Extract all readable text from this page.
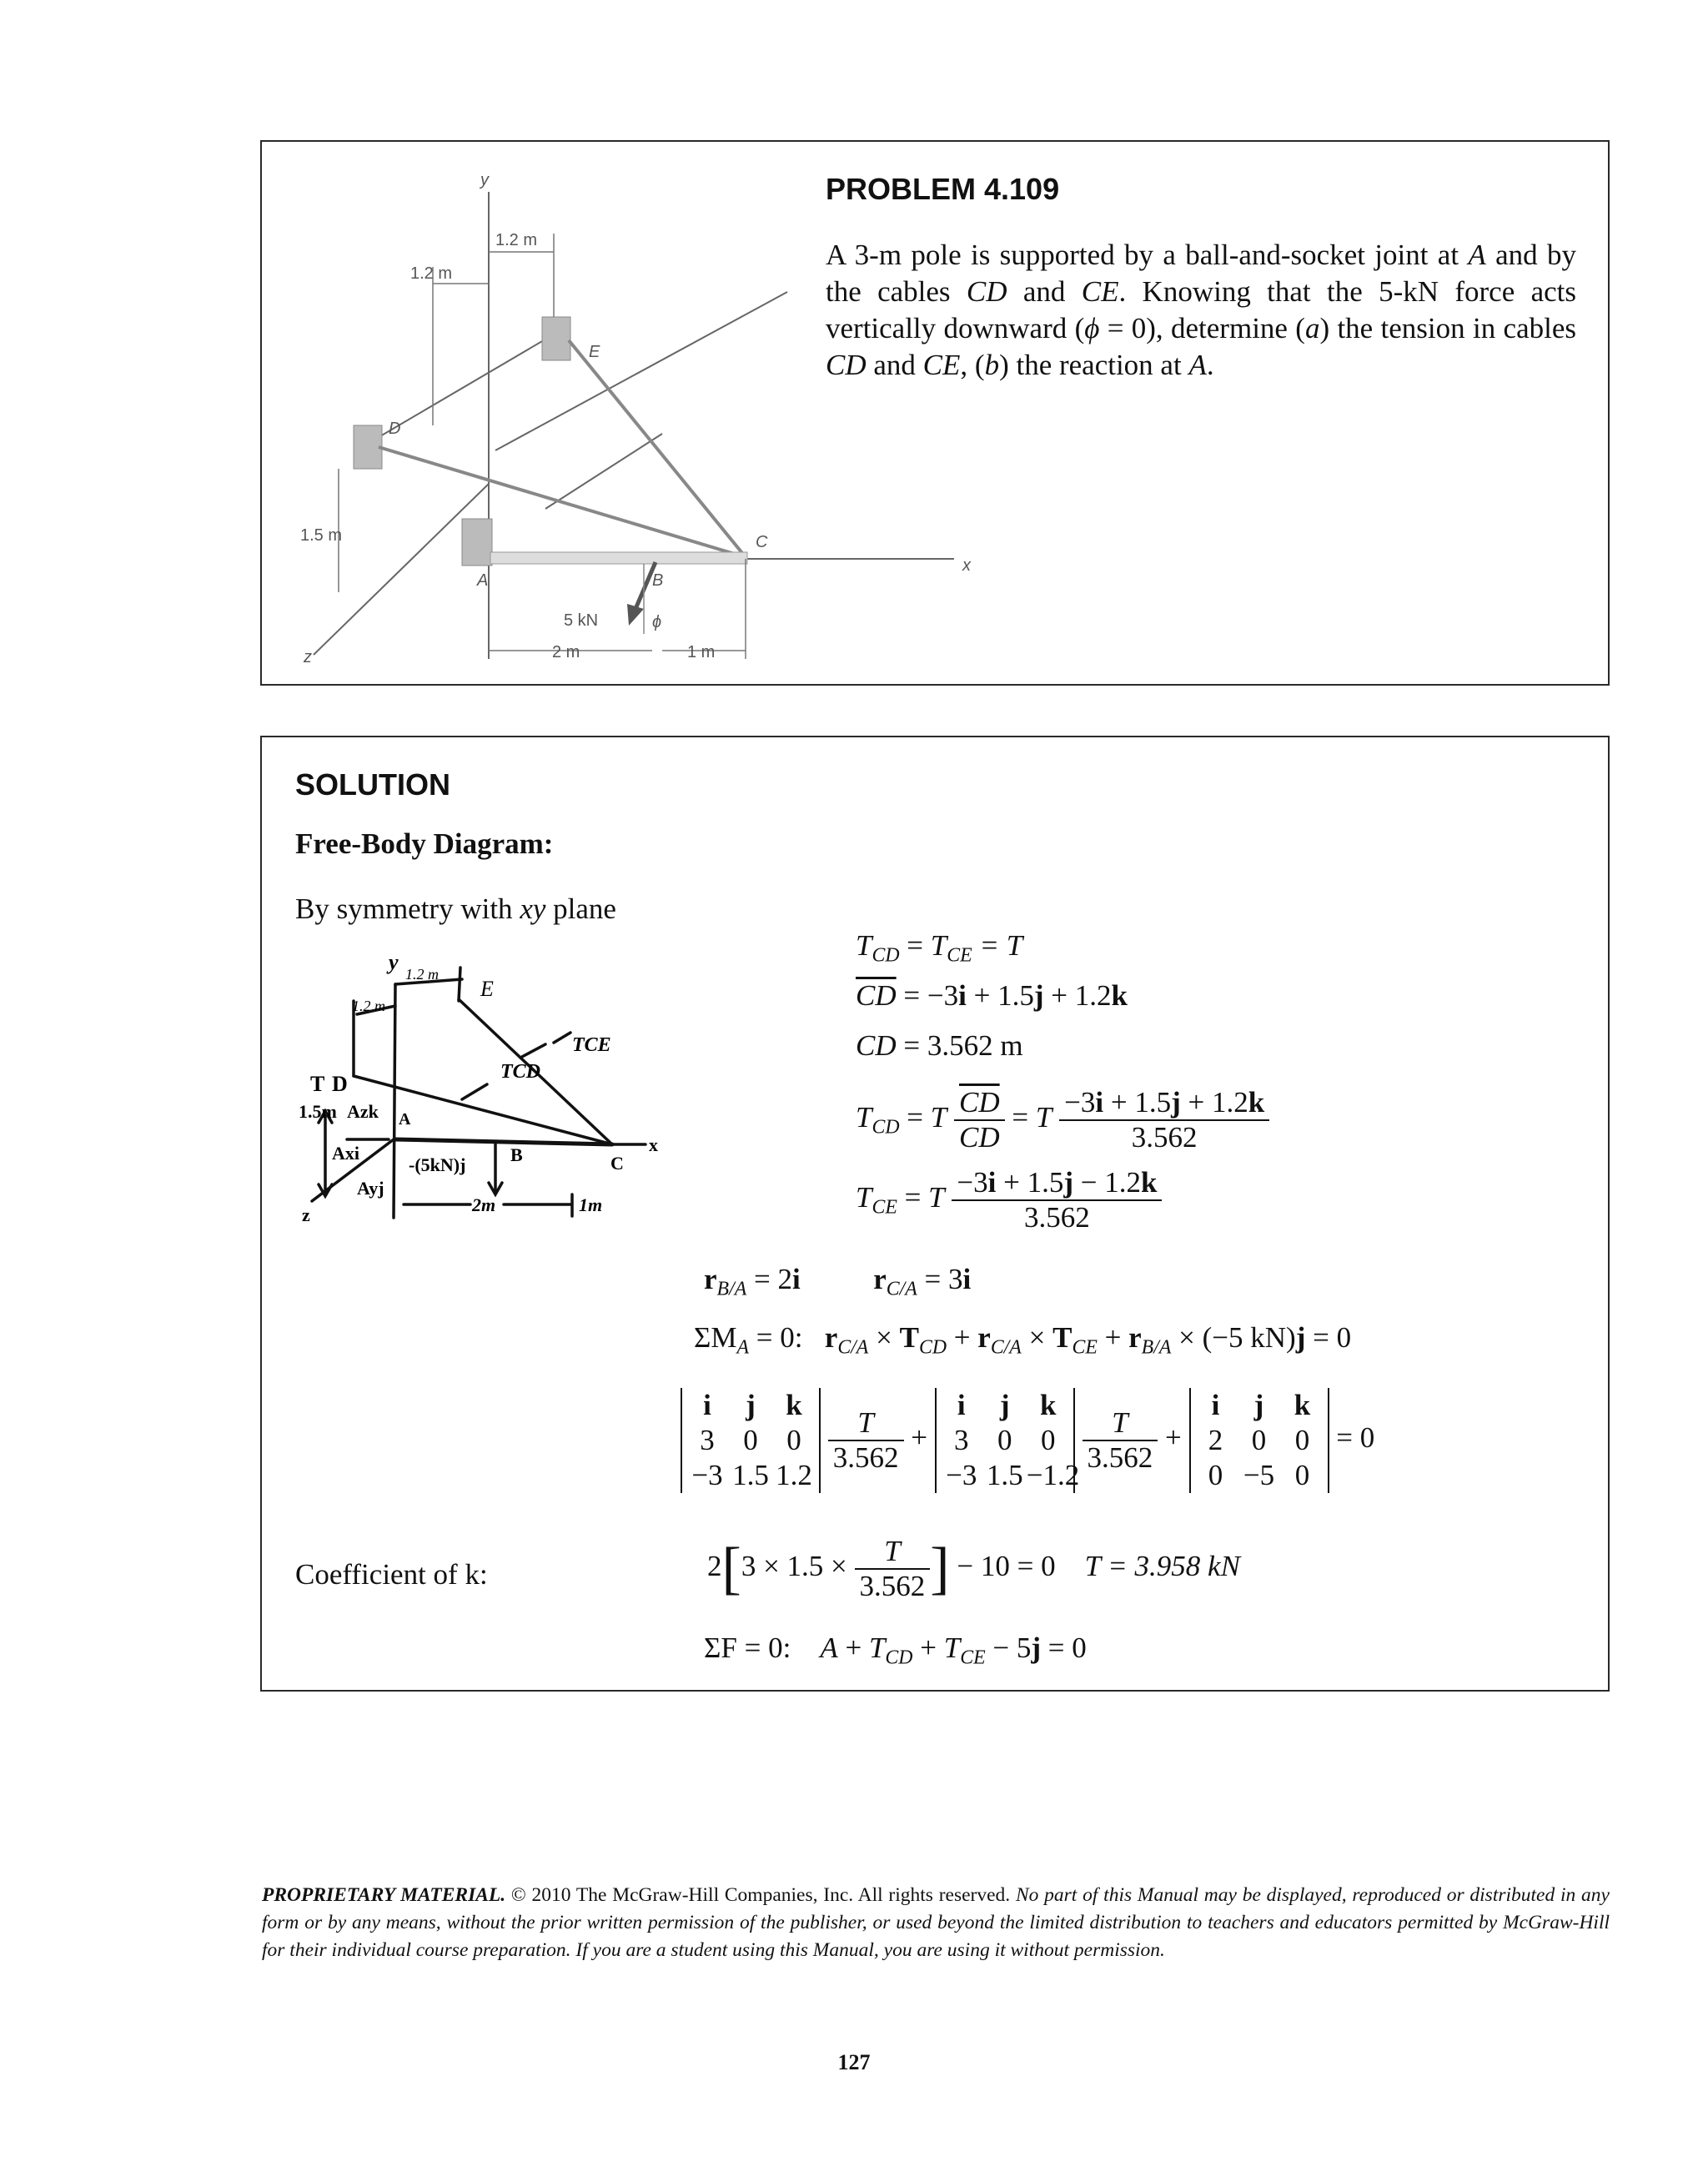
y
z
x
E
D
A	B
C
5 kN	ϕ
1.2 m
1.2 m
1.5 m
2 m	1 m
PROBLEM 4.109
A 3-m pole is supported by a ball-and-socket joint at A and by the cables CD and CE. Knowing that the 5-kN force acts vertically downward (ϕ = 0), determine (a) the tension in cables CD and CE, (b) the reaction at A.
SOLUTION
Free-Body Diagram:
By symmetry with xy plane
y 1.2 m
1.2 m
E
T D
1.5m Azk A
TCD
TCE
Axi
-(5kN)j B	C
x
Ayj
z	2m	1m
$T_{CD} = T_{CE} = T$
$\overline{CD} = -3i + 1.5j + 1.2k$
CD = 3.562 m
$T_{CD} = T \frac{\overline{CD}}{CD} = T \frac{-3i + 1.5j + 1.2k}{3.562}$
$T_{CE} = T \frac{-3i + 1.5j - 1.2k}{3.562}$
$r_{B/A} = 2i$	$r_{C/A} = 3i$
$\Sigma M_A = 0$: $r_{C/A} \times T_{CD} + r_{C/A} \times T_{CE} + r_{B/A} \times (-5$ kN)j = 0
i	j	k
3 0 0
−3 1.5 1.2

$\frac{T}{3.562}$ +
i	j	k
3 0 0
−3 1.5 −1.2

$\frac{T}{3.562}$ +
i	j	k
2 0 0
0 −5 0
= 0
Coefficient of k:	$2[3 \times 1.5 \times \frac{T}{3.562}$ ] − 10 = 0 T = 3.958 kN
ΣF = 0: $A + T_{CD} + T_{CE} - 5j = 0$
PROPRIETARY MATERIAL. © 2010 The McGraw-Hill Companies, Inc. All rights reserved. No part of this Manual may be displayed, reproduced or distributed in any form or by any means, without the prior written permission of the publisher, or used beyond the limited distribution to teachers and educators permitted by McGraw-Hill for their individual course preparation. If you are a student using this Manual, you are using it without permission.
127
